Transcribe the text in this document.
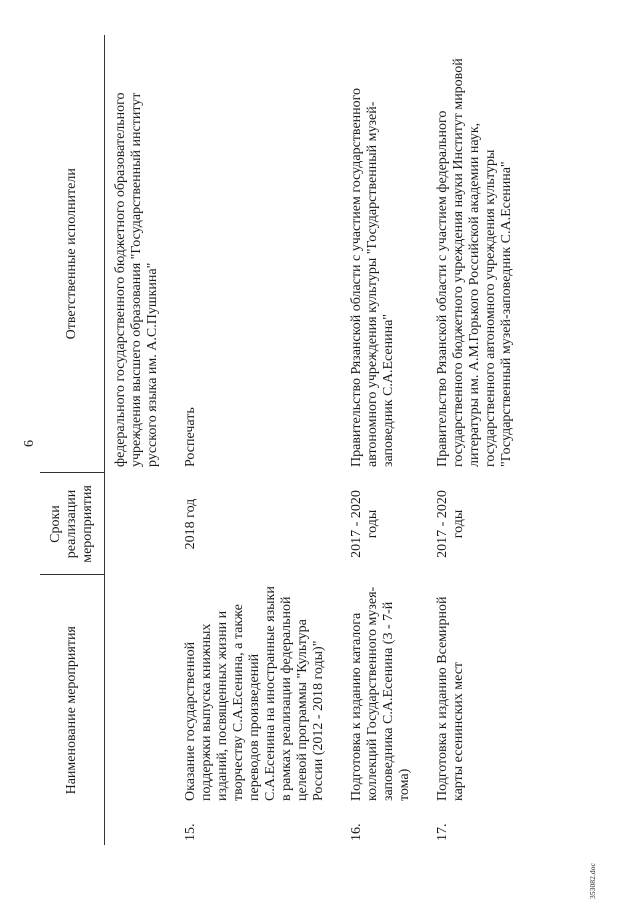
6
Наименование мероприятия		Сроки реализации мероприятия	Ответственные исполнители
			федерального государственного бюджетного образовательного учреждения высшего образования "Государственный институт русского языка им. А.С.Пушкина"
15.	Оказание государственной поддержки выпуска книжных изданий, посвященных жизни и творчеству С.А.Есенина, а также переводов произведений С.А.Есенина на иностранные языки в рамках реализации федеральной целевой программы "Культура России (2012 - 2018 годы)"	2018 год	Роспечать
16.	Подготовка к изданию каталога коллекций Государственного музея-заповедника С.А.Есенина (3 - 7-й тома)	2017 - 2020 годы	Правительство Рязанской области с участием государственного автономного учреждения культуры "Государственный музей-заповедник С.А.Есенина"
17.	Подготовка к изданию Всемирной карты есенинских мест	2017 - 2020 годы	Правительство Рязанской области с участием федерального государственного бюджетного учреждения науки Институт мировой литературы им. А.М.Горького Российской академии наук, государственного автономного учреждения культуры "Государственный музей-заповедник С.А.Есенина"
353082.doc
